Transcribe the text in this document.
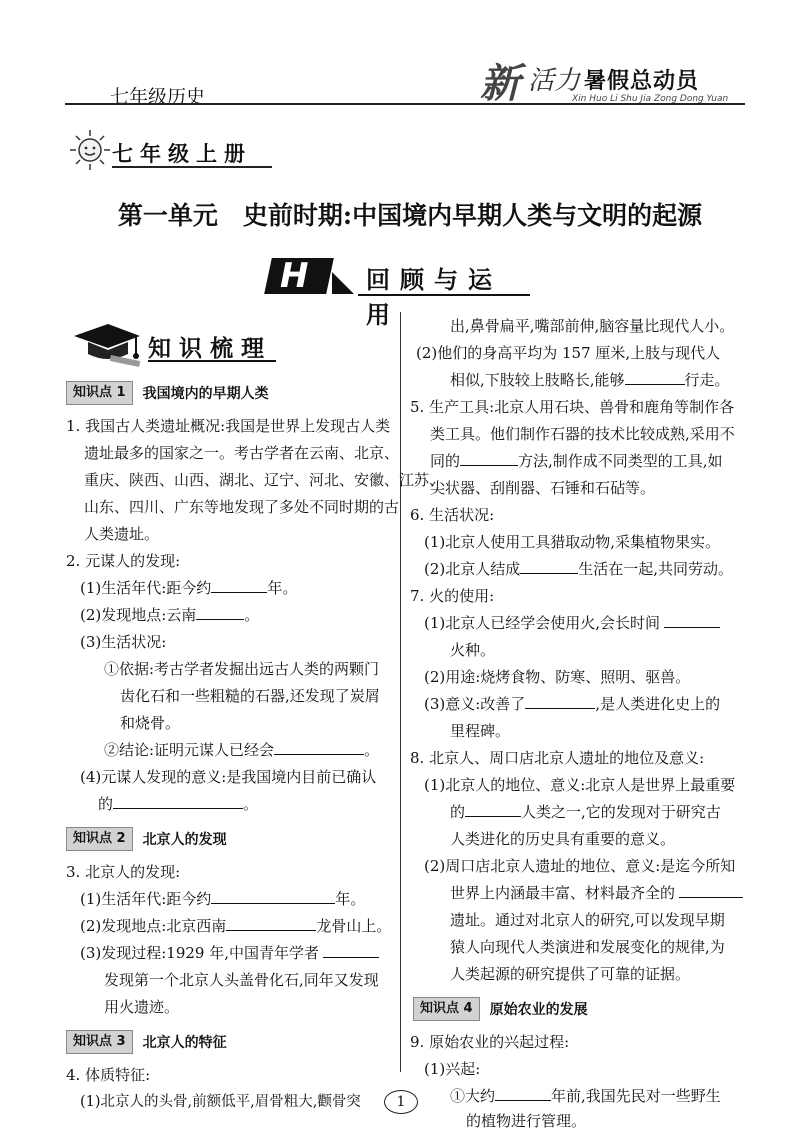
七年级历史	新 活力 暑假总动员
Xin Huo Li Shu Jia Zong Dong Yuan
七年级上册
第一单元　史前时期:中国境内早期人类与文明的起源
H 回顾与运用
知识梳理
知识点 1	我国境内的早期人类
1. 我国古人类遗址概况:我国是世界上发现古人类
遗址最多的国家之一。考古学者在云南、北京、
重庆、陕西、山西、湖北、辽宁、河北、安徽、江苏、
山东、四川、广东等地发现了多处不同时期的古
人类遗址。
2. 元谋人的发现:
(1)生活年代:距今约	年。
(2)发现地点:云南	。
(3)生活状况:
①依据:考古学者发掘出远古人类的两颗门
齿化石和一些粗糙的石器,还发现了炭屑
和烧骨。
②结论:证明元谋人已经会	。
(4)元谋人发现的意义:是我国境内目前已确认
的	。
知识点 2	北京人的发现
3. 北京人的发现:
(1)生活年代:距今约	年。
(2)发现地点:北京西南	龙骨山上。
(3)发现过程:1929 年,中国青年学者
发现第一个北京人头盖骨化石,同年又发现
用火遗迹。
知识点 3	北京人的特征
4. 体质特征:
(1)北京人的头骨,前额低平,眉骨粗大,颧骨突
出,鼻骨扁平,嘴部前伸,脑容量比现代人小。
(2)他们的身高平均为 157 厘米,上肢与现代人
相似,下肢较上肢略长,能够	行走。
5. 生产工具:北京人用石块、兽骨和鹿角等制作各
类工具。他们制作石器的技术比较成熟,采用不
同的	方法,制作成不同类型的工具,如
尖状器、刮削器、石锤和石砧等。
6. 生活状况:
(1)北京人使用工具猎取动物,采集植物果实。
(2)北京人结成	生活在一起,共同劳动。
7. 火的使用:
(1)北京人已经学会使用火,会长时间
火种。
(2)用途:烧烤食物、防寒、照明、驱兽。
(3)意义:改善了	,是人类进化史上的
里程碑。
8. 北京人、周口店北京人遗址的地位及意义:
(1)北京人的地位、意义:北京人是世界上最重要
的	人类之一,它的发现对于研究古
人类进化的历史具有重要的意义。
(2)周口店北京人遗址的地位、意义:是迄今所知
世界上内涵最丰富、材料最齐全的
遗址。通过对北京人的研究,可以发现早期
猿人向现代人类演进和发展变化的规律,为
人类起源的研究提供了可靠的证据。
知识点 4	原始农业的发展
9. 原始农业的兴起过程:
(1)兴起:
①大约	年前,我国先民对一些野生
的植物进行管理。
1
